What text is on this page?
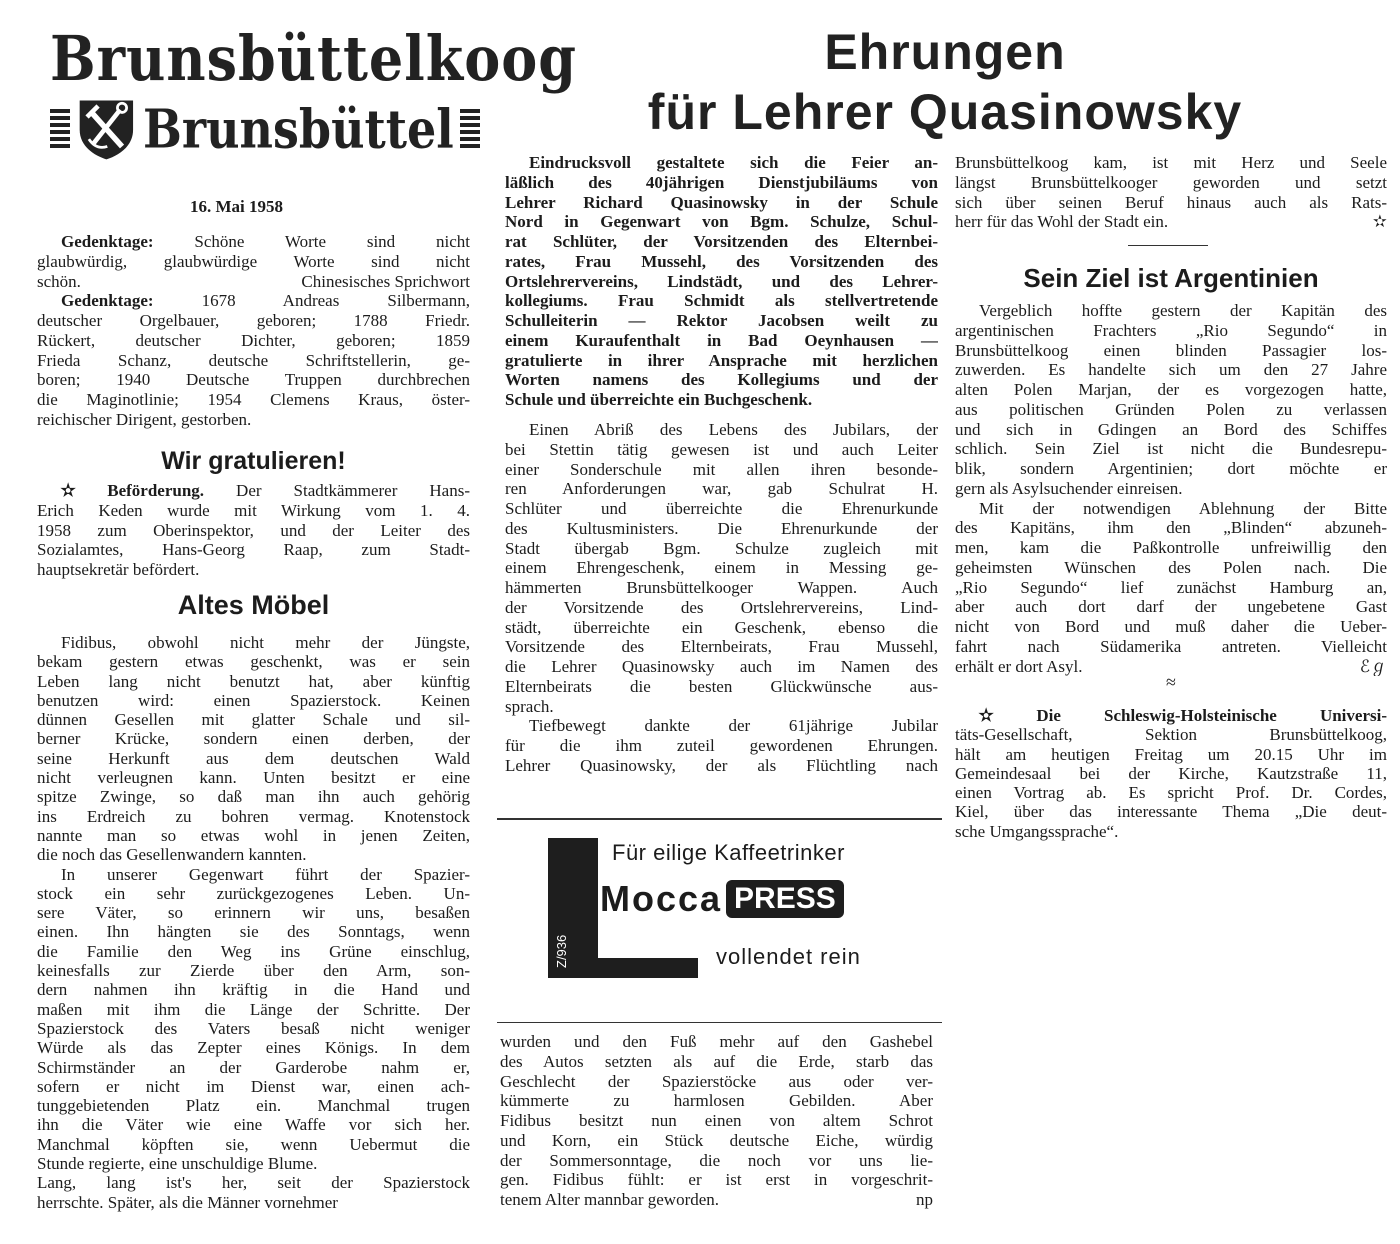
Brunsbüttelkoog
Brunsbüttel
16. Mai 1958
Ehrungen
für Lehrer Quasinowsky
Gedenktage: Schöne Worte sind nicht
glaubwürdig, glaubwürdige Worte sind nicht
Chinesisches Sprichwort
schön.
Gedenktage: 1678 Andreas Silbermann,
deutscher Orgelbauer, geboren; 1788 Friedr.
Rückert, deutscher Dichter, geboren; 1859
Frieda Schanz, deutsche Schriftstellerin, ge-
boren; 1940 Deutsche Truppen durchbrechen
die Maginotlinie; 1954 Clemens Kraus, öster-
reichischer Dirigent, gestorben.
Wir gratulieren!
✫ Beförderung. Der Stadtkämmerer Hans-
Erich Keden wurde mit Wirkung vom 1. 4.
1958 zum Oberinspektor, und der Leiter des
Sozialamtes, Hans-Georg Raap, zum Stadt-
hauptsekretär befördert.
Altes Möbel
Fidibus, obwohl nicht mehr der Jüngste,
bekam gestern etwas geschenkt, was er sein
Leben lang nicht benutzt hat, aber künftig
benutzen wird: einen Spazierstock. Keinen
dünnen Gesellen mit glatter Schale und sil-
berner Krücke, sondern einen derben, der
seine Herkunft aus dem deutschen Wald
nicht verleugnen kann. Unten besitzt er eine
spitze Zwinge, so daß man ihn auch gehörig
ins Erdreich zu bohren vermag. Knotenstock
nannte man so etwas wohl in jenen Zeiten,
die noch das Gesellenwandern kannten.
In unserer Gegenwart führt der Spazier-
stock ein sehr zurückgezogenes Leben. Un-
sere Väter, so erinnern wir uns, besaßen
einen. Ihn hängten sie des Sonntags, wenn
die Familie den Weg ins Grüne einschlug,
keinesfalls zur Zierde über den Arm, son-
dern nahmen ihn kräftig in die Hand und
maßen mit ihm die Länge der Schritte. Der
Spazierstock des Vaters besaß nicht weniger
Würde als das Zepter eines Königs. In dem
Schirmständer an der Garderobe nahm er,
sofern er nicht im Dienst war, einen ach-
tunggebietenden Platz ein. Manchmal trugen
ihn die Väter wie eine Waffe vor sich her.
Manchmal köpften sie, wenn Uebermut die
Stunde regierte, eine unschuldige Blume.
Lang, lang ist's her, seit der Spazierstock
herrschte. Später, als die Männer vornehmer
Eindrucksvoll gestaltete sich die Feier an-
läßlich des 40jährigen Dienstjubiläums von
Lehrer Richard Quasinowsky in der Schule
Nord in Gegenwart von Bgm. Schulze, Schul-
rat Schlüter, der Vorsitzenden des Elternbei-
rates, Frau Mussehl, des Vorsitzenden des
Ortslehrervereins, Lindstädt, und des Lehrer-
kollegiums. Frau Schmidt als stellvertretende
Schulleiterin — Rektor Jacobsen weilt zu
einem Kuraufenthalt in Bad Oeynhausen —
gratulierte in ihrer Ansprache mit herzlichen
Worten namens des Kollegiums und der
Schule und überreichte ein Buchgeschenk.
Einen Abriß des Lebens des Jubilars, der
bei Stettin tätig gewesen ist und auch Leiter
einer Sonderschule mit allen ihren besonde-
ren Anforderungen war, gab Schulrat H.
Schlüter und überreichte die Ehrenurkunde
des Kultusministers. Die Ehrenurkunde der
Stadt übergab Bgm. Schulze zugleich mit
einem Ehrengeschenk, einem in Messing ge-
hämmerten Brunsbüttelkooger Wappen. Auch
der Vorsitzende des Ortslehrervereins, Lind-
städt, überreichte ein Geschenk, ebenso die
Vorsitzende des Elternbeirats, Frau Mussehl,
die Lehrer Quasinowsky auch im Namen des
Elternbeirats die besten Glückwünsche aus-
sprach.
Tiefbewegt dankte der 61jährige Jubilar
für die ihm zuteil gewordenen Ehrungen.
Lehrer Quasinowsky, der als Flüchtling nach
Z/936
Für eilige Kaffeetrinker
Mocca PRESS
vollendet rein
wurden und den Fuß mehr auf den Gashebel
des Autos setzten als auf die Erde, starb das
Geschlecht der Spazierstöcke aus oder ver-
kümmerte zu harmlosen Gebilden. Aber
Fidibus besitzt nun einen von altem Schrot
und Korn, ein Stück deutsche Eiche, würdig
der Sommersonntage, die noch vor uns lie-
gen. Fidibus fühlt: er ist erst in vorgeschrit-
np
tenem Alter mannbar geworden.
Brunsbüttelkoog kam, ist mit Herz und Seele
längst Brunsbüttelkooger geworden und setzt
sich über seinen Beruf hinaus auch als Rats-
✫
herr für das Wohl der Stadt ein.
Sein Ziel ist Argentinien
Vergeblich hoffte gestern der Kapitän des
argentinischen Frachters „Rio Segundo“ in
Brunsbüttelkoog einen blinden Passagier los-
zuwerden. Es handelte sich um den 27 Jahre
alten Polen Marjan, der es vorgezogen hatte,
aus politischen Gründen Polen zu verlassen
und sich in Gdingen an Bord des Schiffes
schlich. Sein Ziel ist nicht die Bundesrepu-
blik, sondern Argentinien; dort möchte er
gern als Asylsuchender einreisen.
Mit der notwendigen Ablehnung der Bitte
des Kapitäns, ihm den „Blinden“ abzuneh-
men, kam die Paßkontrolle unfreiwillig den
geheimsten Wünschen des Polen nach. Die
„Rio Segundo“ lief zunächst Hamburg an,
aber auch dort darf der ungebetene Gast
nicht von Bord und muß daher die Ueber-
fahrt nach Südamerika antreten. Vielleicht
ℰℊ
erhält er dort Asyl.
≈
✫ Die Schleswig-Holsteinische Universi-
täts-Gesellschaft, Sektion Brunsbüttelkoog,
hält am heutigen Freitag um 20.15 Uhr im
Gemeindesaal bei der Kirche, Kautzstraße 11,
einen Vortrag ab. Es spricht Prof. Dr. Cordes,
Kiel, über das interessante Thema „Die deut-
sche Umgangssprache“.
